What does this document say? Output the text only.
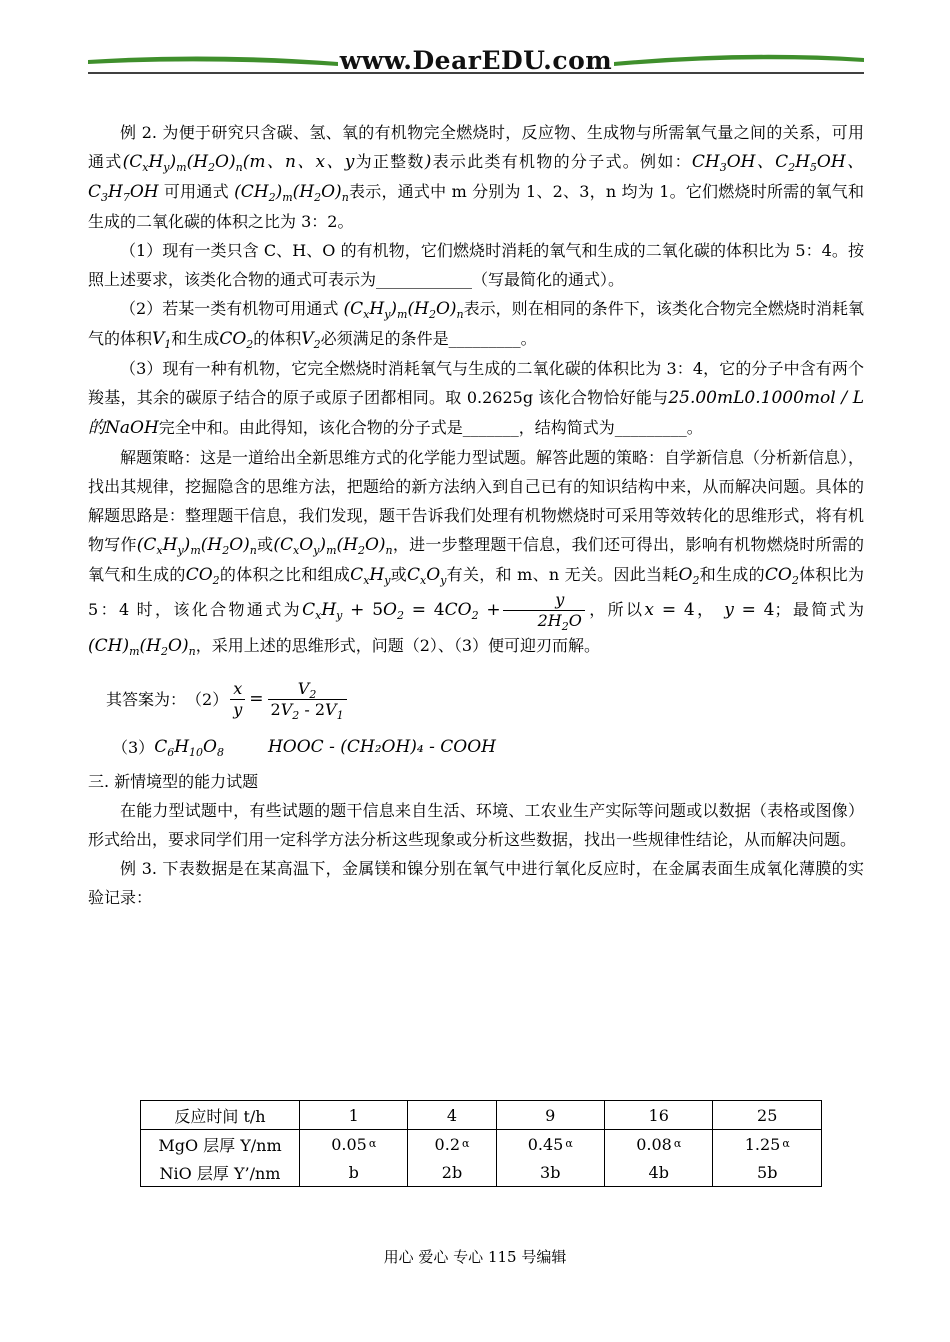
www.DearEDU.com

例 2. 为便于研究只含碳、氢、氧的有机物完全燃烧时，反应物、生成物与所需氧气量之间的关系，可用通式$(C_xH_y)_m(H_2O)_n(m$、n、x、y为正整数)表示此类有机物的分子式。例如：$CH_3OH$、$C_2H_5OH$、$C_3H_7OH$ 可用通式 $(CH_2)_m(H_2O)_n$表示，通式中 m 分别为 1、2、3，n 均为 1。它们燃烧时所需的氧气和生成的二氧化碳的体积之比为 3：2。

（1）现有一类只含 C、H、O 的有机物，它们燃烧时消耗的氧气和生成的二氧化碳的体积比为 5：4。按照上述要求，该类化合物的通式可表示为____________（写最简化的通式）。

（2）若某一类有机物可用通式 $(C_xH_y)_m(H_2O)_n$表示，则在相同的条件下，该类化合物完全燃烧时消耗氧气的体积$V_1$和生成$CO_2$的体积$V_2$必须满足的条件是_________。

（3）现有一种有机物，它完全燃烧时消耗氧气与生成的二氧化碳的体积比为 3：4，它的分子中含有两个羧基，其余的碳原子结合的原子或原子团都相同。取 0.2625g 该化合物恰好能与25.00mL0.1000mol / L的NaOH完全中和。由此得知，该化合物的分子式是_______，结构简式为_________。

解题策略：这是一道给出全新思维方式的化学能力型试题。解答此题的策略：自学新信息（分析新信息），找出其规律，挖掘隐含的思维方法，把题给的新方法纳入到自己已有的知识结构中来，从而解决问题。具体的解题思路是：整理题干信息，我们发现，题干告诉我们处理有机物燃烧时可采用等效转化的思维形式，将有机物写作$(C_xH_y)_m(H_2O)_n$或$(C_xO_y)_m(H_2O)_n$，进一步整理题干信息，我们还可得出，影响有机物燃烧时所需的氧气和生成的$CO_2$的体积之比和组成$C_xH_y$或$C_xO_y$有关，和 m、n 无关。因此当耗$O_2$和生成的$CO_2$体积比为 5：4 时，该化合物通式为$C_xH_y + 5O_2 = 4CO_2 + \frac{y}{2H_2O}$ ，所以x = 4， y = 4；最简式为$(CH)_m(H_2O)_n$，采用上述的思维形式，问题（2）、（3）便可迎刃而解。

其答案为： $(2) \frac{x}{y} = \frac{V_2}{2V_2 - 2V_1}$
（3） $C_6H_{10}O_8$	HOOC - (CH₂OH)₄ - COOH

三. 新情境型的能力试题

在能力型试题中，有些试题的题干信息来自生活、环境、工农业生产实际等问题或以数据（表格或图像）形式给出，要求同学们用一定科学方法分析这些现象或分析这些数据，找出一些规律性结论，从而解决问题。

例 3. 下表数据是在某高温下，金属镁和镍分别在氧气中进行氧化反应时，在金属表面生成氧化薄膜的实验记录：

反应时间 t/h	1	4	9	16	25
MgO 层厚 Y/nm	0.05 α	0.2 α	0.45 α	0.08 α	1.25 α
NiO 层厚 Y’/nm	b	2b	3b	4b	5b
用心 爱心 专心 115 号编辑
